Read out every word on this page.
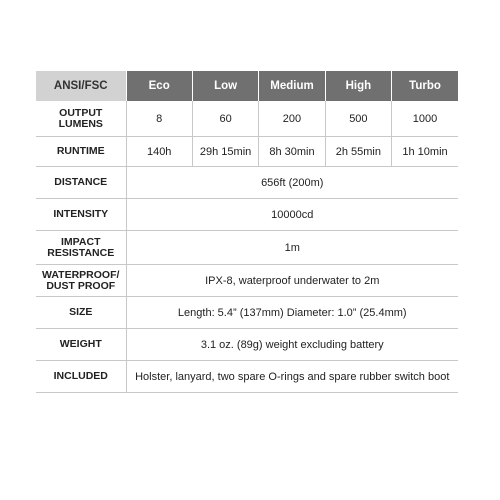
ANSI/FSC	Eco	Low	Medium	High	Turbo
OUTPUT
LUMENS	8	60	200	500	1000
RUNTIME	140h	29h 15min	8h 30min	2h 55min	1h 10min
DISTANCE	656ft (200m)				
INTENSITY	10000cd				
IMPACT
RESISTANCE	1m				
WATERPROOF/
DUST PROOF	IPX-8, waterproof underwater to 2m				
SIZE	Length: 5.4” (137mm) Diameter: 1.0” (25.4mm)				
WEIGHT	3.1 oz. (89g) weight excluding battery				
INCLUDED	Holster, lanyard, two spare O-rings and spare rubber switch boot				
